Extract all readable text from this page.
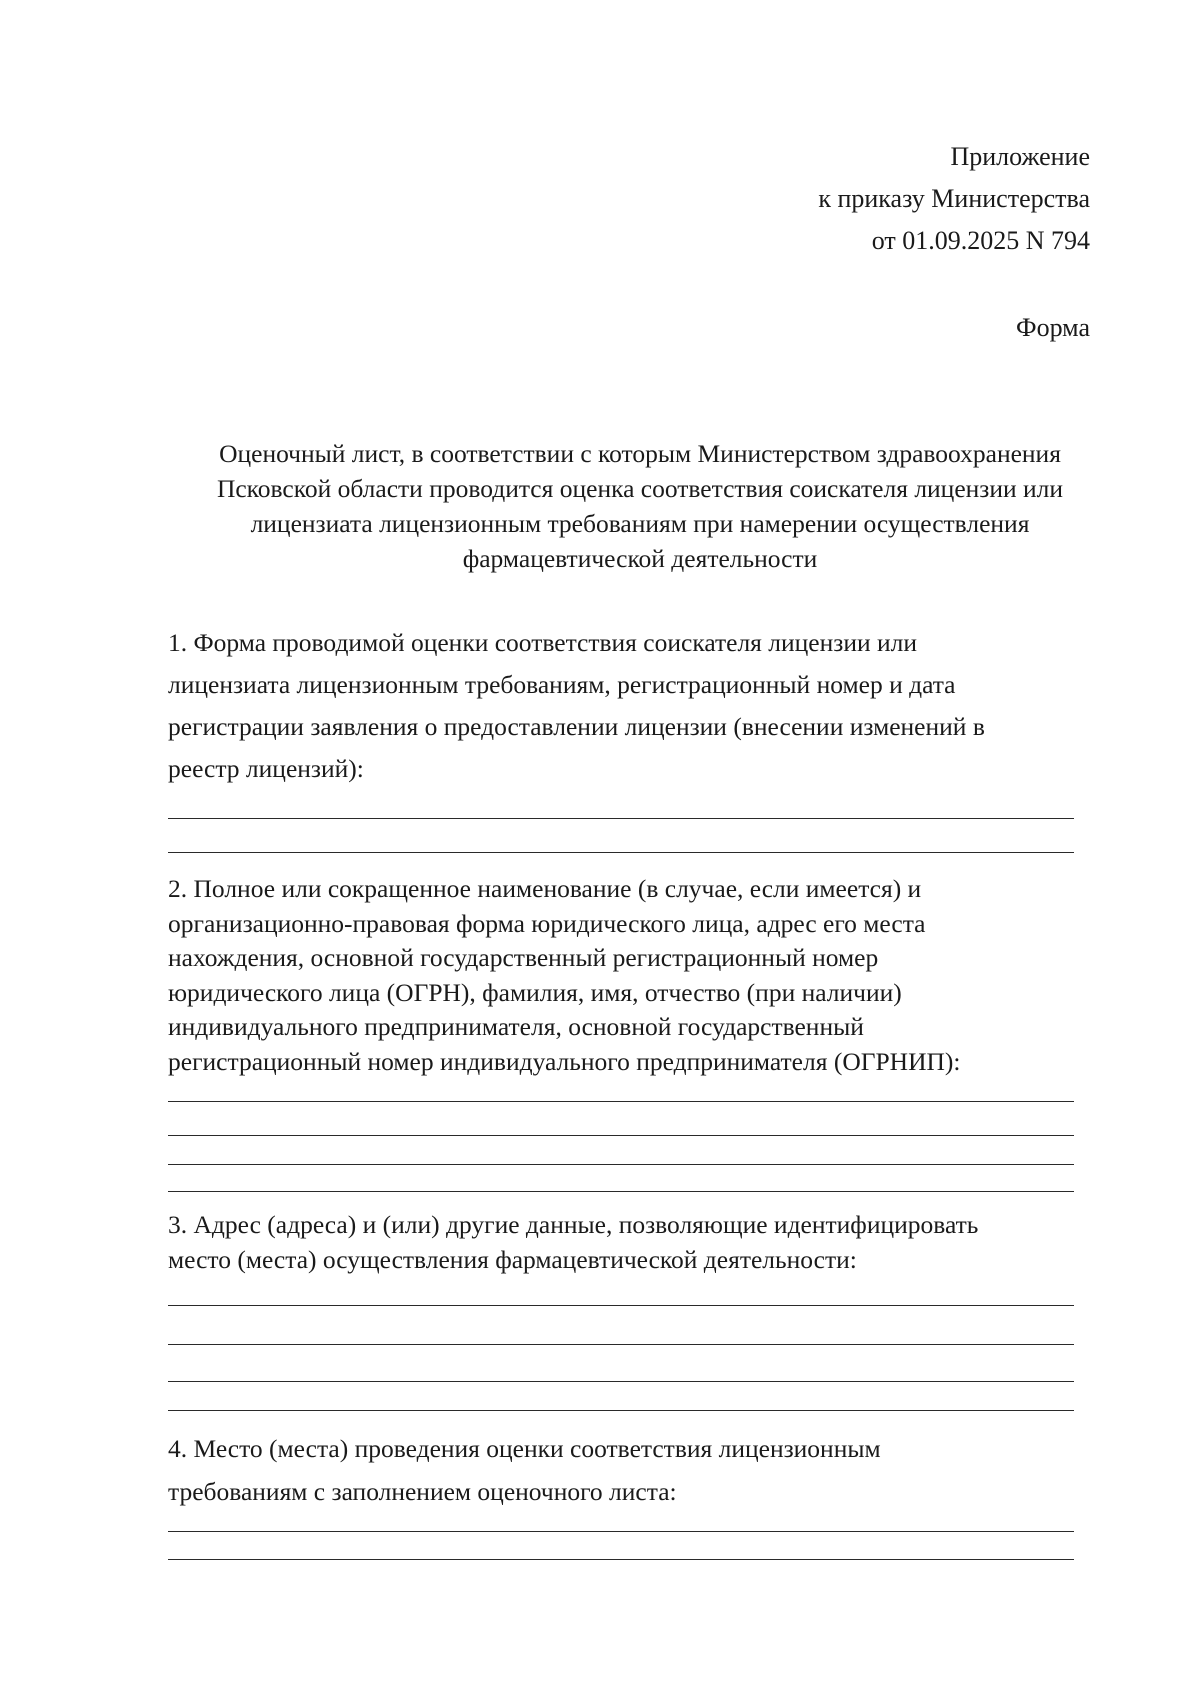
Приложение
к приказу Министерства
от 01.09.2025 N 794
Форма
Оценочный лист, в соответствии с которым Министерством здравоохранения
Псковской области проводится оценка соответствия соискателя лицензии или
лицензиата лицензионным требованиям при намерении осуществления
фармацевтической деятельности
1. Форма проводимой оценки соответствия соискателя лицензии или
лицензиата лицензионным требованиям, регистрационный номер и дата
регистрации заявления о предоставлении лицензии (внесении изменений в
реестр лицензий):
2. Полное или сокращенное наименование (в случае, если имеется) и
организационно-правовая форма юридического лица, адрес его места
нахождения, основной государственный регистрационный номер
юридического лица (ОГРН), фамилия, имя, отчество (при наличии)
индивидуального предпринимателя, основной государственный
регистрационный номер индивидуального предпринимателя (ОГРНИП):
3. Адрес (адреса) и (или) другие данные, позволяющие идентифицировать
место (места) осуществления фармацевтической деятельности:
4. Место (места) проведения оценки соответствия лицензионным
требованиям с заполнением оценочного листа:
